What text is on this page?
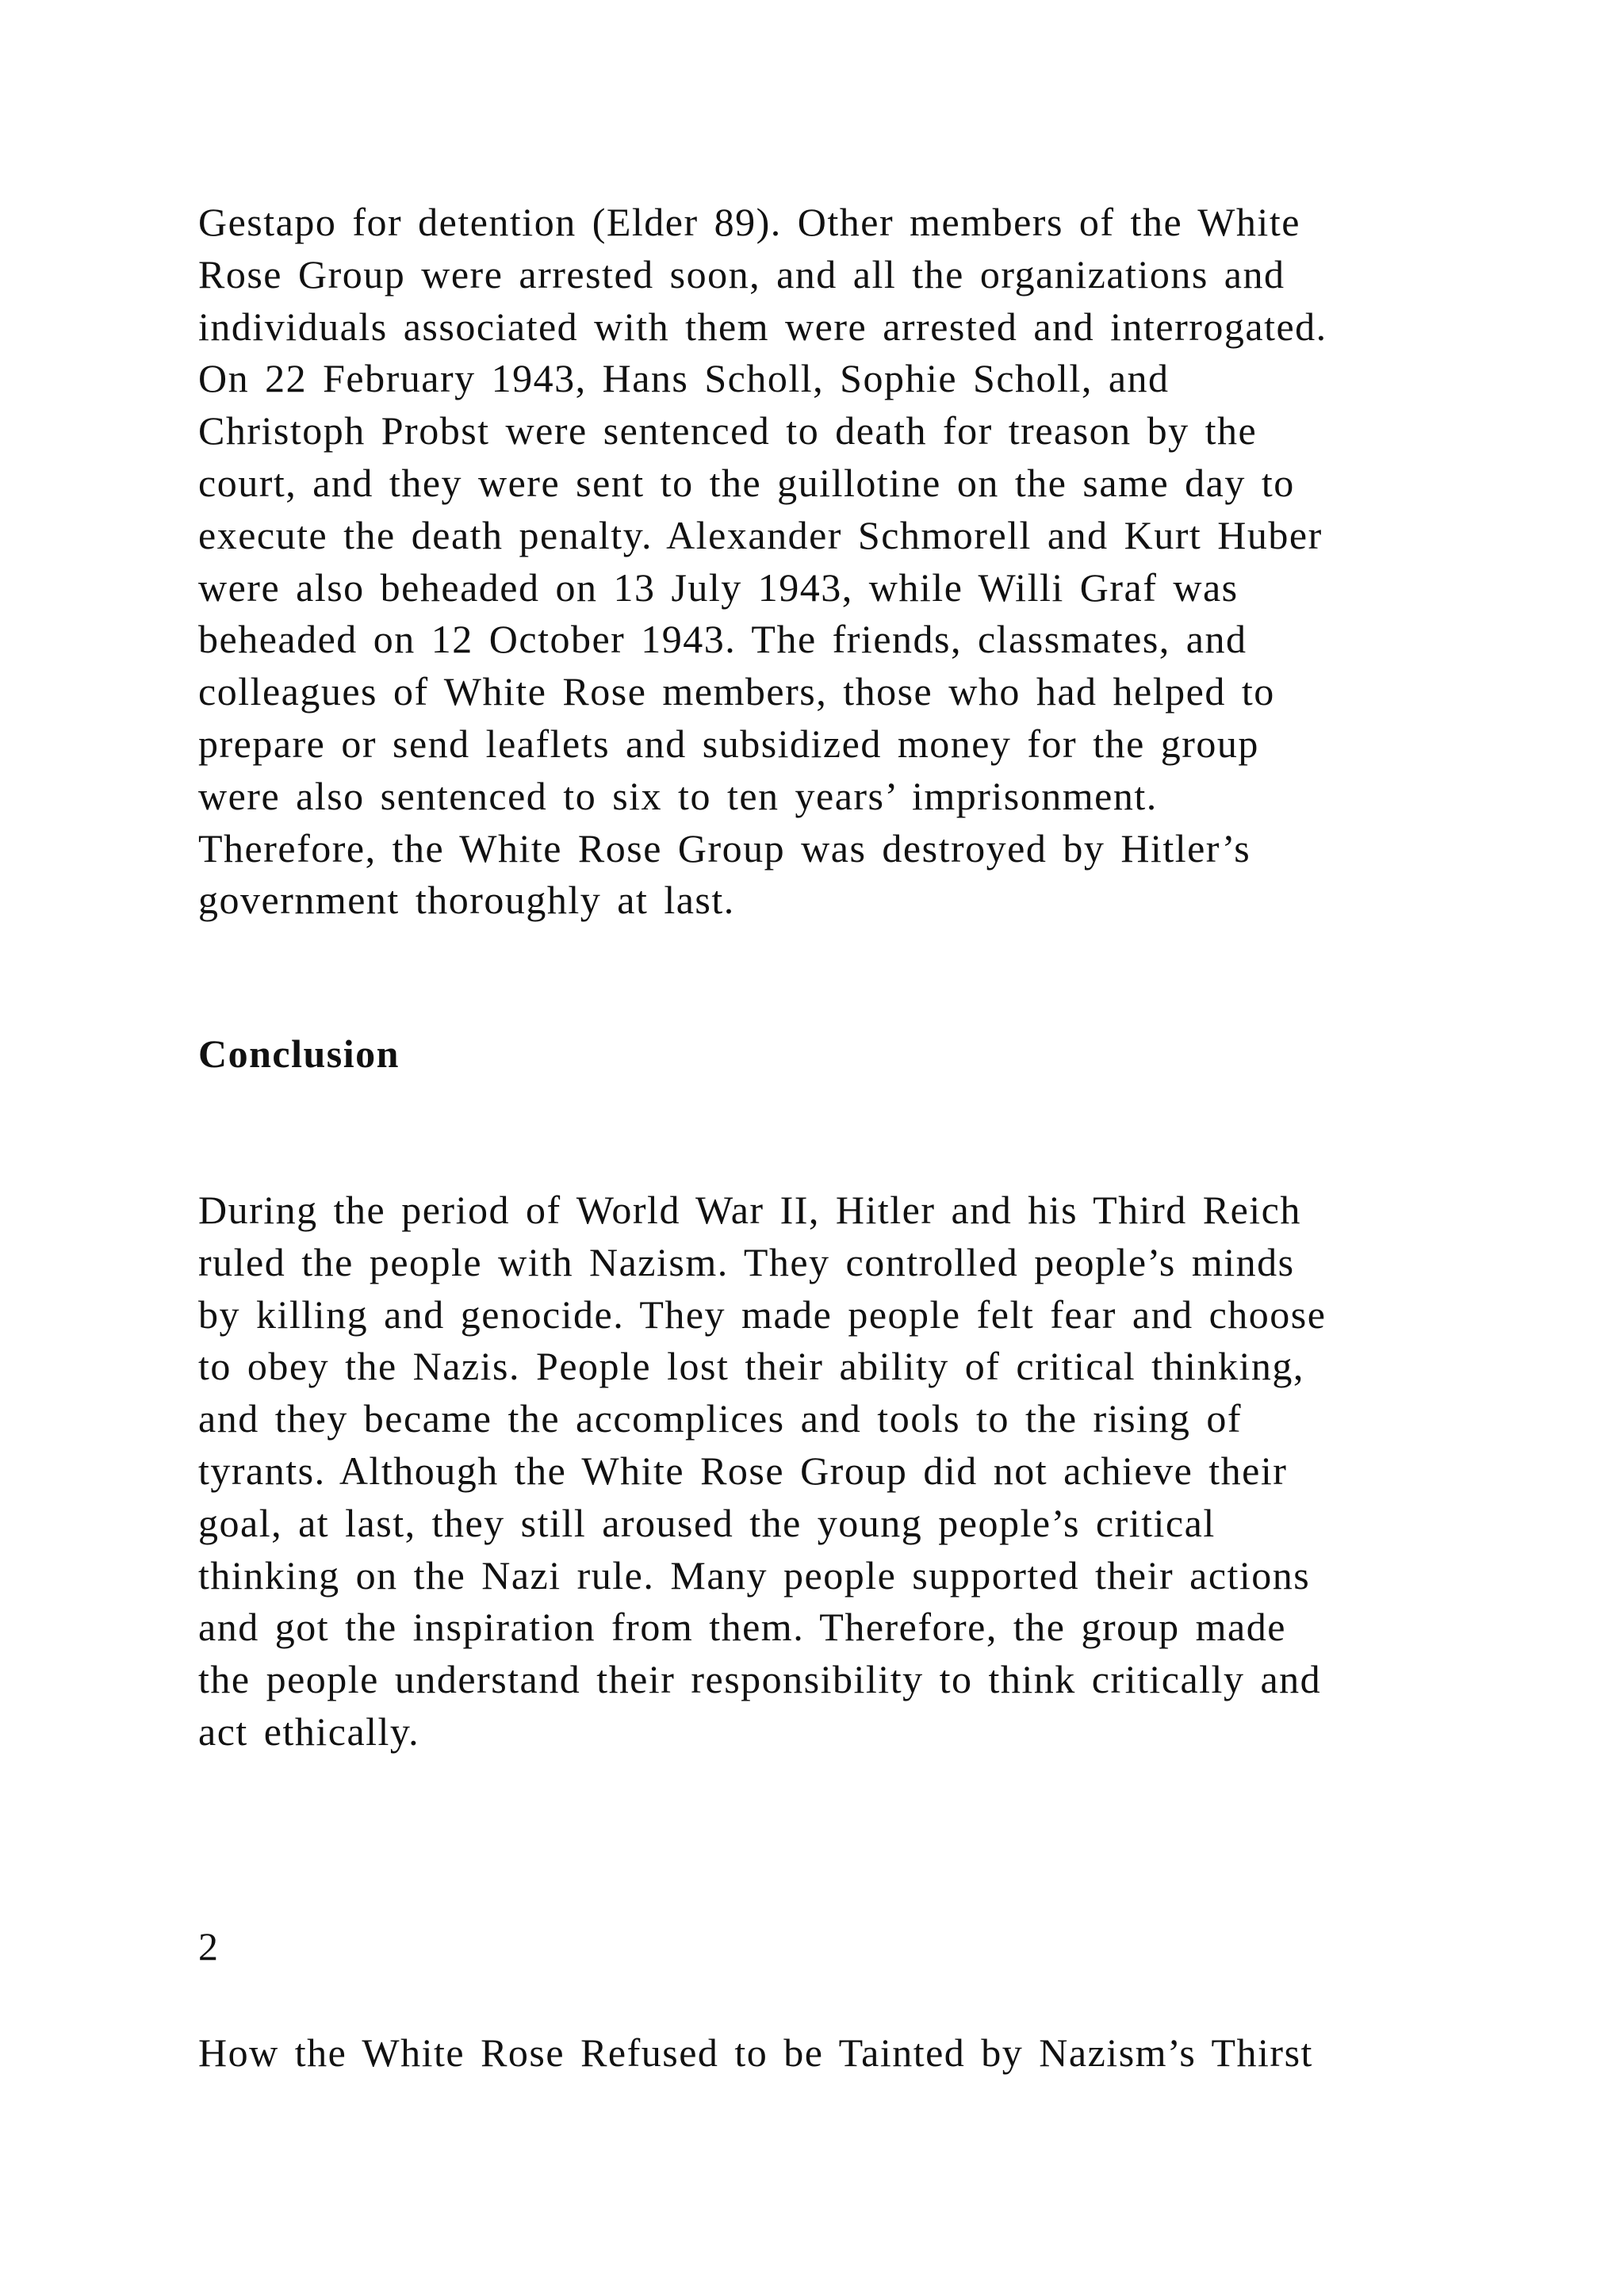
Gestapo for detention (Elder 89). Other members of the White
Rose Group were arrested soon, and all the organizations and
individuals associated with them were arrested and interrogated.
On 22 February 1943, Hans Scholl, Sophie Scholl, and
Christoph Probst were sentenced to death for treason by the
court, and they were sent to the guillotine on the same day to
execute the death penalty. Alexander Schmorell and Kurt Huber
were also beheaded on 13 July 1943, while Willi Graf was
beheaded on 12 October 1943. The friends, classmates, and
colleagues of White Rose members, those who had helped to
prepare or send leaflets and subsidized money for the group
were also sentenced to six to ten years’ imprisonment.
Therefore, the White Rose Group was destroyed by Hitler’s
government thoroughly at last.

Conclusion

During the period of World War II, Hitler and his Third Reich
ruled the people with Nazism. They controlled people’s minds
by killing and genocide. They made people felt fear and choose
to obey the Nazis. People lost their ability of critical thinking,
and they became the accomplices and tools to the rising of
tyrants. Although the White Rose Group did not achieve their
goal, at last, they still aroused the young people’s critical
thinking on the Nazi rule. Many people supported their actions
and got the inspiration from them. Therefore, the group made
the people understand their responsibility to think critically and
act ethically.

2
How the White Rose Refused to be Tainted by Nazism’s Thirst
